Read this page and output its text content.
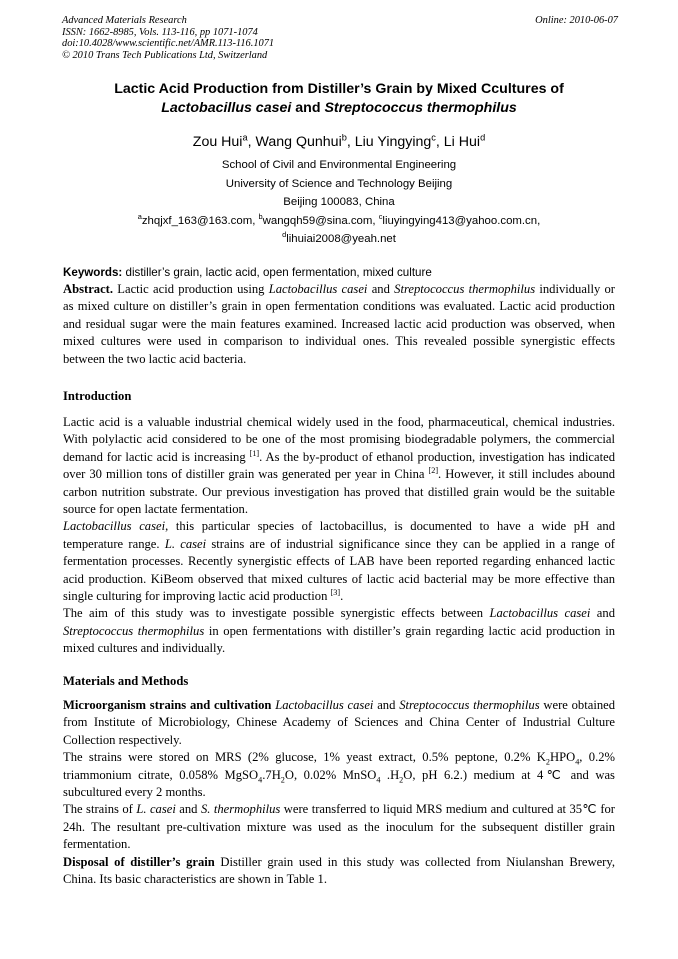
Advanced Materials Research
ISSN: 1662-8985, Vols. 113-116, pp 1071-1074
doi:10.4028/www.scientific.net/AMR.113-116.1071
© 2010 Trans Tech Publications Ltd, Switzerland
Online: 2010-06-07
Lactic Acid Production from Distiller’s Grain by Mixed Ccultures of
Lactobacillus casei and Streptococcus thermophilus
Zou Hui$^a$, Wang Qunhui$^b$, Liu Yingying$^c$, Li Hui$^d$
School of Civil and Environmental Engineering
University of Science and Technology Beijing
Beijing 100083, China
$^a$zhqjxf_163@163.com, $^b$wangqh59@sina.com, $^c$liuyingying413@yahoo.com.cn,
$^d$lihuiai2008@yeah.net
Keywords: distiller’s grain, lactic acid, open fermentation, mixed culture

Abstract. Lactic acid production using Lactobacillus casei and Streptococcus thermophilus individually or as mixed culture on distiller’s grain in open fermentation conditions was evaluated. Lactic acid production and residual sugar were the main features examined. Increased lactic acid production was observed, when mixed cultures were used in comparison to individual ones. This revealed possible synergistic effects between the two lactic acid bacteria.

Introduction

Lactic acid is a valuable industrial chemical widely used in the food, pharmaceutical, chemical industries. With polylactic acid considered to be one of the most promising biodegradable polymers, the commercial demand for lactic acid is increasing [1]. As the by-product of ethanol production, investigation has indicated over 30 million tons of distiller grain was generated per year in China [2]. However, it still includes abound carbon nutrition substrate. Our previous investigation has proved that distilled grain would be the suitable source for open lactate fermentation.

Lactobacillus casei, this particular species of lactobacillus, is documented to have a wide pH and temperature range. L. casei strains are of industrial significance since they can be applied in a range of fermentation processes. Recently synergistic effects of LAB have been reported regarding enhanced lactic acid production. KiBeom observed that mixed cultures of lactic acid bacterial may be more effective than single culturing for improving lactic acid production [3].

The aim of this study was to investigate possible synergistic effects between Lactobacillus casei and Streptococcus thermophilus in open fermentations with distiller’s grain regarding lactic acid production in mixed cultures and individually.

Materials and Methods

Microorganism strains and cultivation Lactobacillus casei and Streptococcus thermophilus were obtained from Institute of Microbiology, Chinese Academy of Sciences and China Center of Industrial Culture Collection respectively.

The strains were stored on MRS (2% glucose, 1% yeast extract, 0.5% peptone, 0.2% $K_2HPO_4$, 0.2% triammonium citrate, 0.058% $MgSO_4.7H_2O$, 0.02% MnSO$_4$ $.H_2O$, pH 6.2.) medium at 4℃ and was subcultured every 2 months.

The strains of L. casei and S. thermophilus were transferred to liquid MRS medium and cultured at 35℃ for 24h. The resultant pre-cultivation mixture was used as the inoculum for the subsequent distiller grain fermentation.

Disposal of distiller’s grain Distiller grain used in this study was collected from Niulanshan Brewery, China. Its basic characteristics are shown in Table 1.
